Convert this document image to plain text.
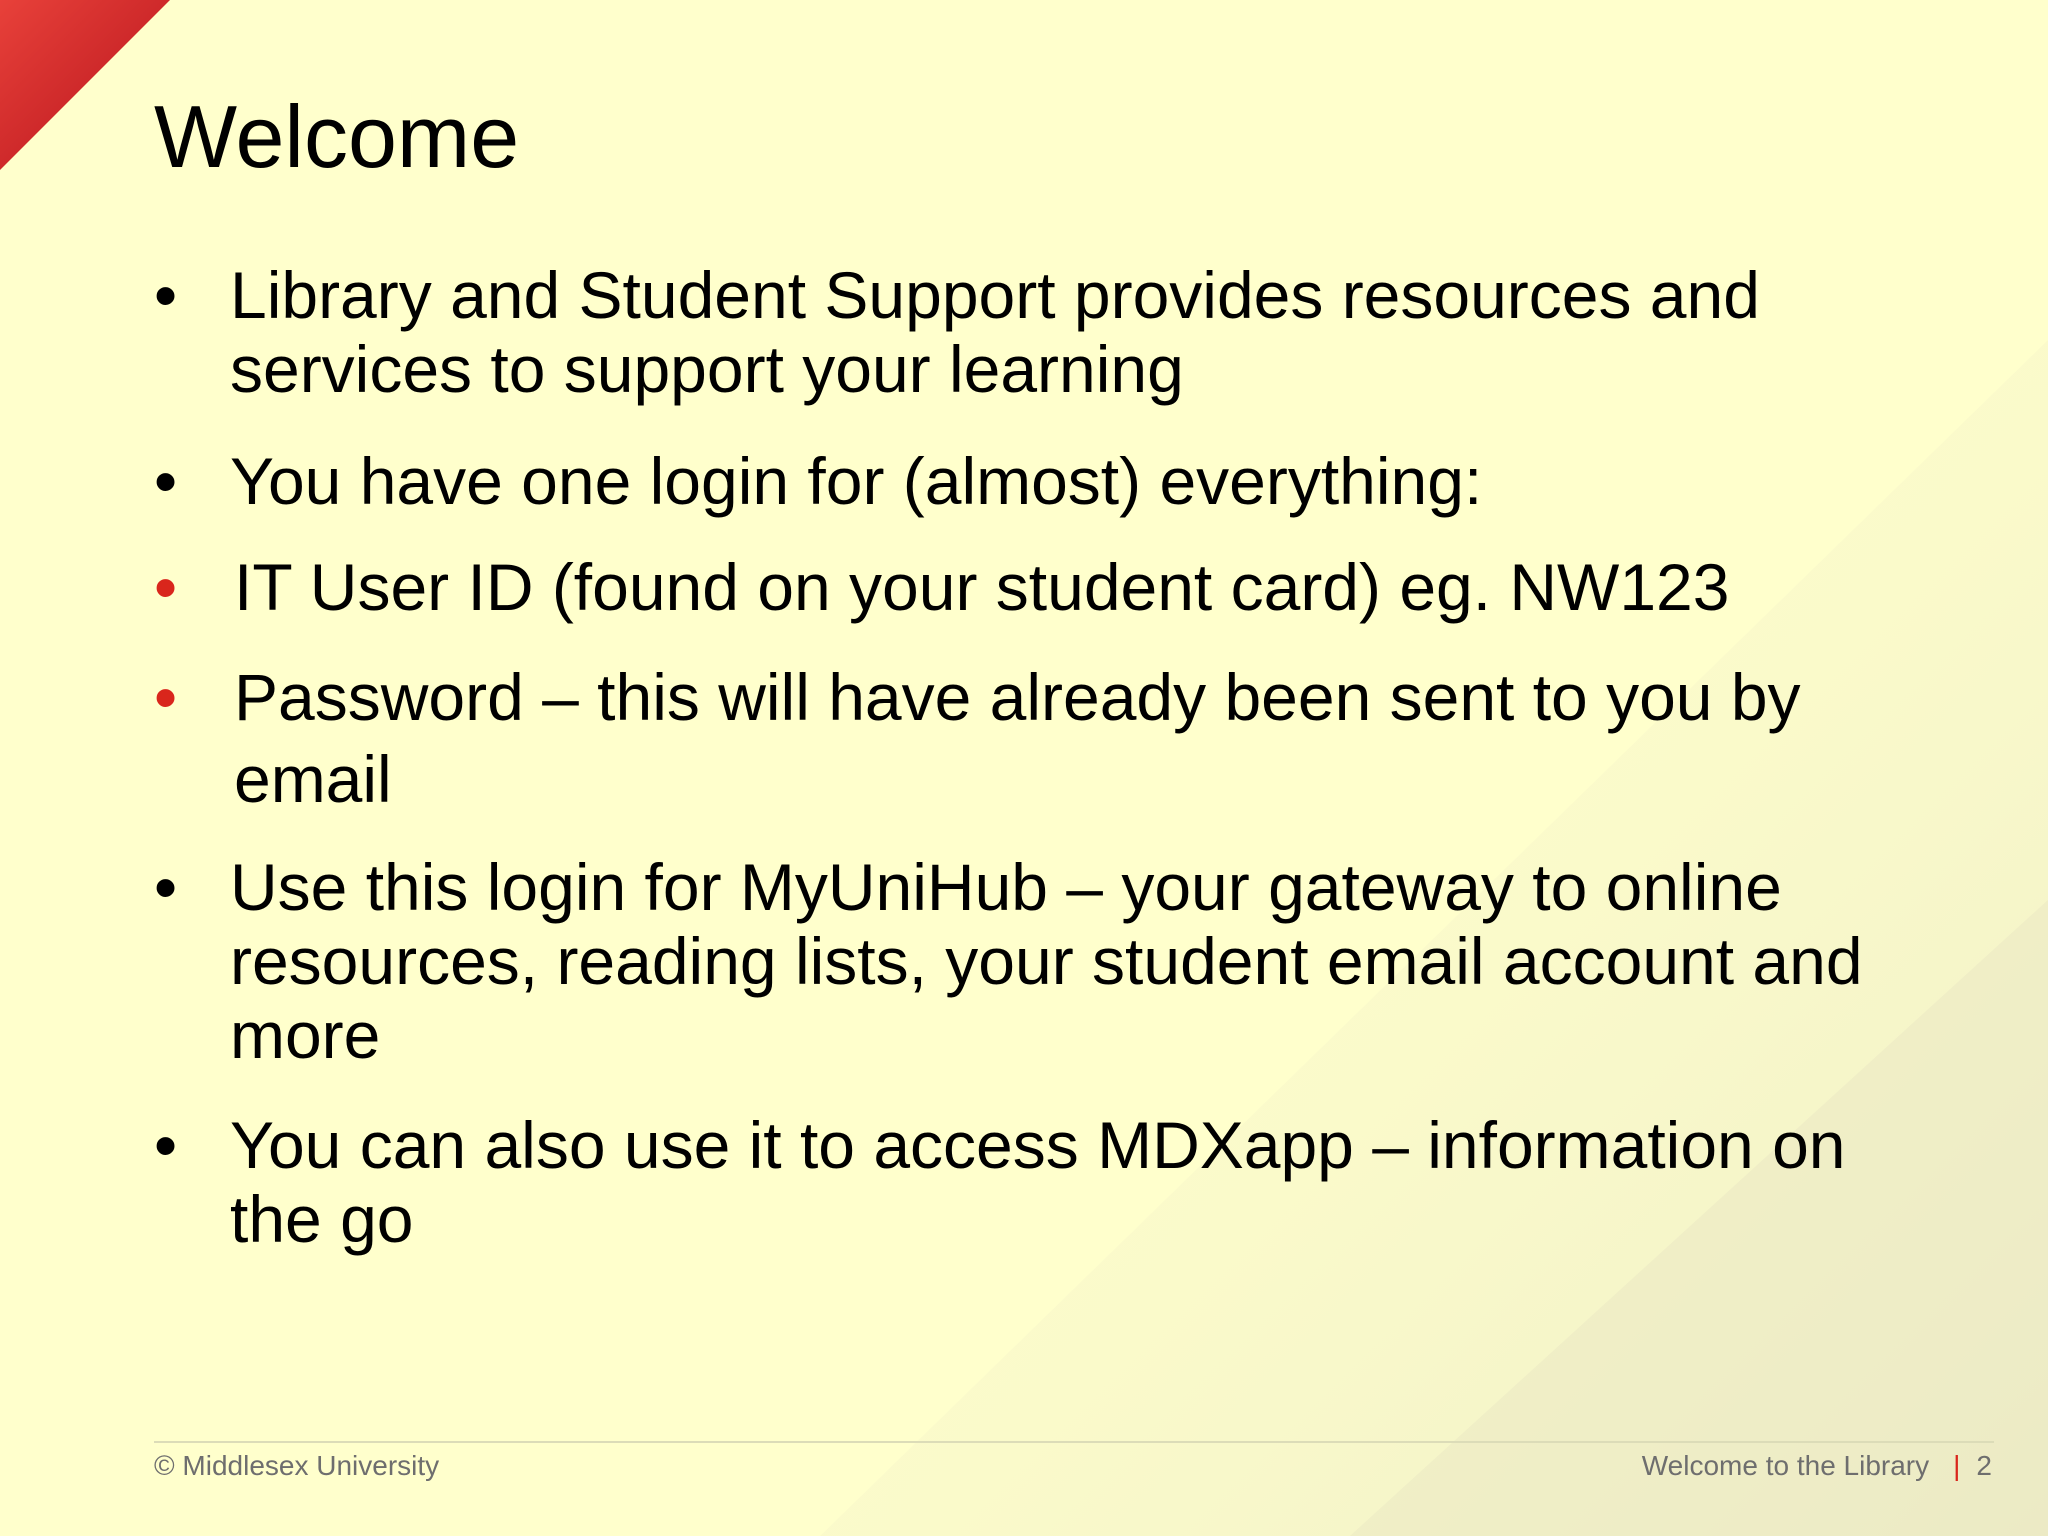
Welcome
• Library and Student Support provides resources and services to support your learning
• You have one login for (almost) everything:
• IT User ID (found on your student card) eg. NW123
• Password – this will have already been sent to you by email
• Use this login for MyUniHub – your gateway to online resources, reading lists, your student email account and more
• You can also use it to access MDXapp – information on the go
© Middlesex University	Welcome to the Library | 2
